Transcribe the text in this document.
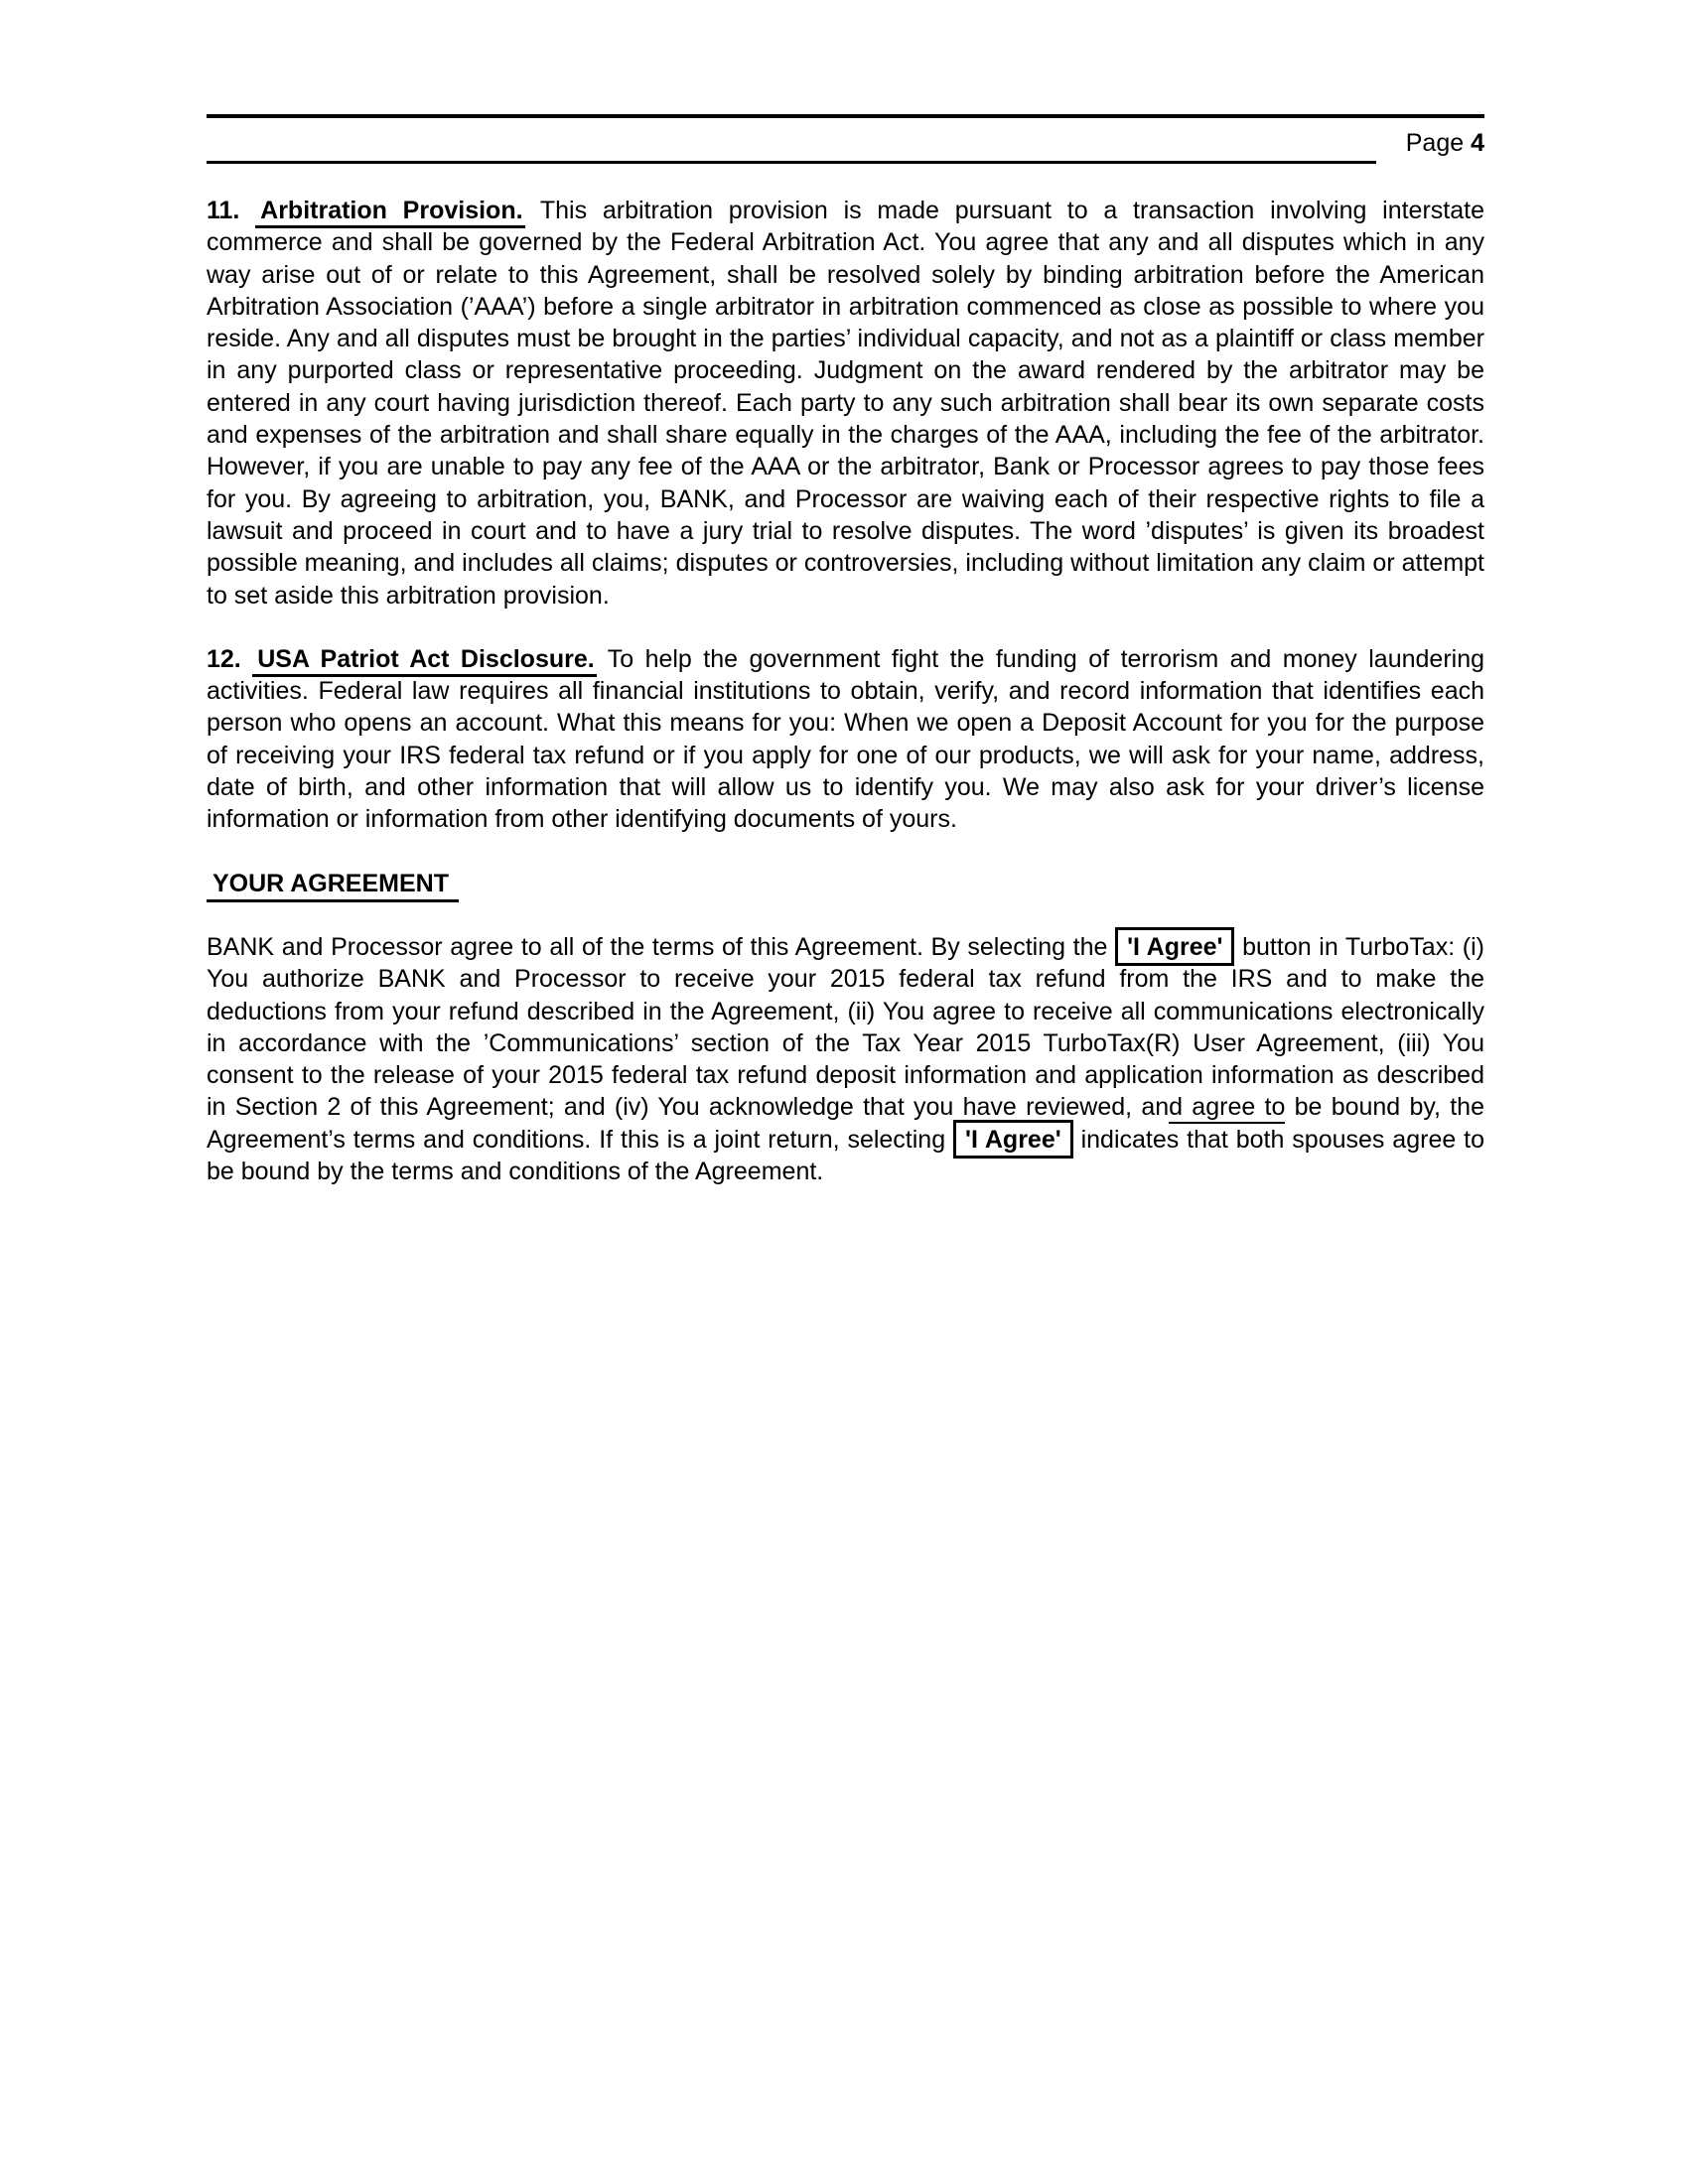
Page 4

11. Arbitration Provision. This arbitration provision is made pursuant to a transaction involving interstate commerce and shall be governed by the Federal Arbitration Act. You agree that any and all disputes which in any way arise out of or relate to this Agreement, shall be resolved solely by binding arbitration before the American Arbitration Association (’AAA’) before a single arbitrator in arbitration commenced as close as possible to where you reside. Any and all disputes must be brought in the parties’ individual capacity, and not as a plaintiff or class member in any purported class or representative proceeding. Judgment on the award rendered by the arbitrator may be entered in any court having jurisdiction thereof. Each party to any such arbitration shall bear its own separate costs and expenses of the arbitration and shall share equally in the charges of the AAA, including the fee of the arbitrator. However, if you are unable to pay any fee of the AAA or the arbitrator, Bank or Processor agrees to pay those fees for you. By agreeing to arbitration, you, BANK, and Processor are waiving each of their respective rights to file a lawsuit and proceed in court and to have a jury trial to resolve disputes. The word ’disputes’ is given its broadest possible meaning, and includes all claims; disputes or controversies, including without limitation any claim or attempt to set aside this arbitration provision.

12. USA Patriot Act Disclosure. To help the government fight the funding of terrorism and money laundering activities. Federal law requires all financial institutions to obtain, verify, and record information that identifies each person who opens an account. What this means for you: When we open a Deposit Account for you for the purpose of receiving your IRS federal tax refund or if you apply for one of our products, we will ask for your name, address, date of birth, and other information that will allow us to identify you. We may also ask for your driver’s license information or information from other identifying documents of yours.

YOUR AGREEMENT

BANK and Processor agree to all of the terms of this Agreement. By selecting the 'I Agree' button in TurboTax: (i) You authorize BANK and Processor to receive your 2015 federal tax refund from the IRS and to make the deductions from your refund described in the Agreement, (ii) You agree to receive all communications electronically in accordance with the ’Communications’ section of the Tax Year 2015 TurboTax(R) User Agreement, (iii) You consent to the release of your 2015 federal tax refund deposit information and application information as described in Section 2 of this Agreement; and (iv) You acknowledge that you have reviewed, and agree to be bound by, the Agreement’s terms and conditions. If this is a joint return, selecting 'I Agree' indicates that both spouses agree to be bound by the terms and conditions of the Agreement.
